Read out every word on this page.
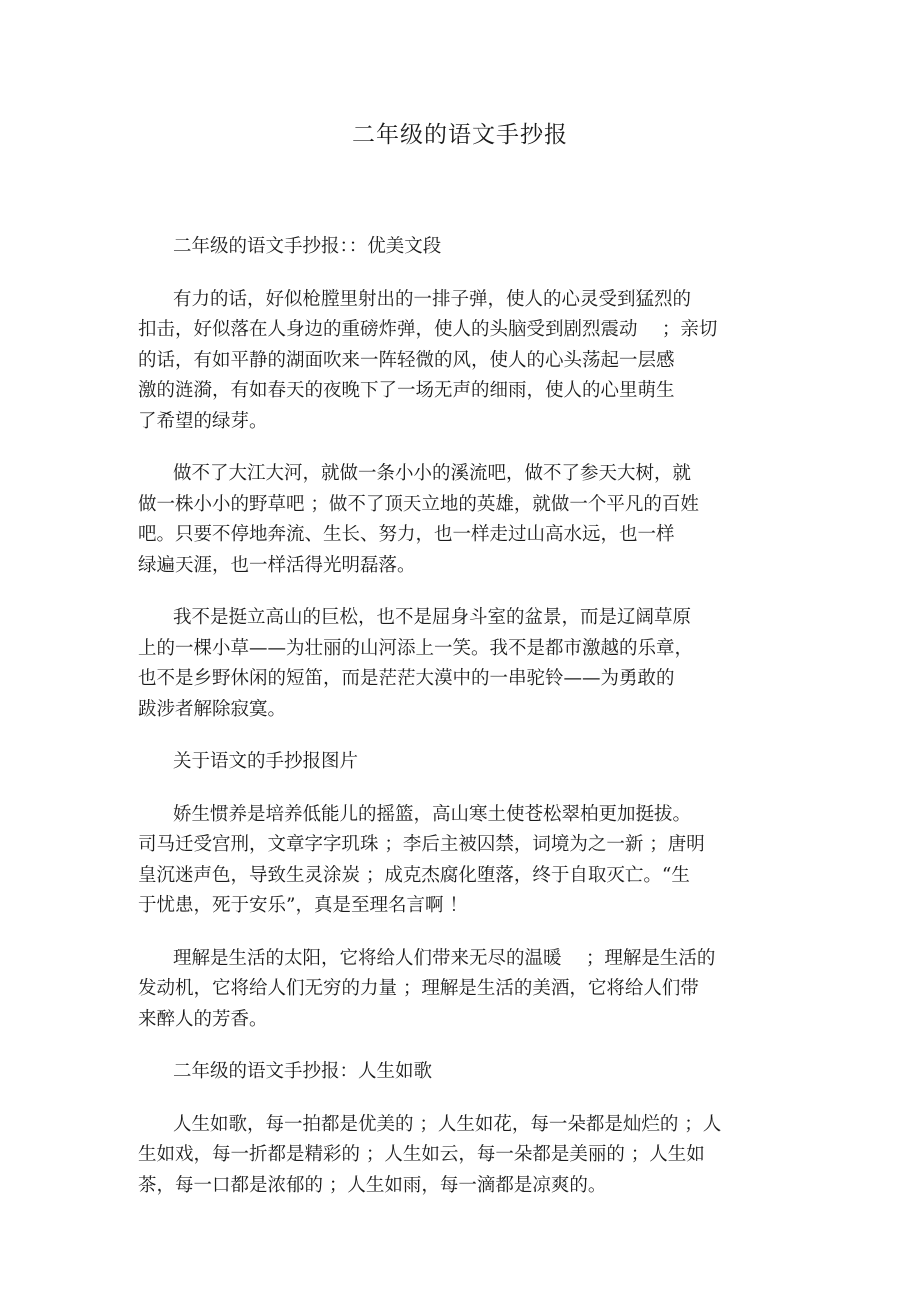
二年级的语文手抄报
二年级的语文手抄报：：优美文段
有力的话，好似枪膛里射出的一排子弹，使人的心灵受到猛烈的
扣击，好似落在人身边的重磅炸弹，使人的头脑受到剧烈震动　 ；亲切
的话，有如平静的湖面吹来一阵轻微的风，使人的心头荡起一层感
激的涟漪，有如春天的夜晚下了一场无声的细雨，使人的心里萌生
了希望的绿芽。
做不了大江大河，就做一条小小的溪流吧，做不了参天大树，就
做一株小小的野草吧 ；做不了顶天立地的英雄，就做一个平凡的百姓
吧。只要不停地奔流、生长、努力，也一样走过山高水远，也一样
绿遍天涯，也一样活得光明磊落。
我不是挺立高山的巨松，也不是屈身斗室的盆景，而是辽阔草原
上的一棵小草——为壮丽的山河添上一笑。我不是都市激越的乐章，
也不是乡野休闲的短笛，而是茫茫大漠中的一串驼铃——为勇敢的
跋涉者解除寂寞。
关于语文的手抄报图片
娇生惯养是培养低能儿的摇篮，高山寒土使苍松翠柏更加挺拔。
司马迁受宫刑，文章字字玑珠 ；李后主被囚禁，词境为之一新 ；唐明
皇沉迷声色，导致生灵涂炭 ；成克杰腐化堕落，终于自取灭亡。“生
于忧患，死于安乐”，真是至理名言啊 ！
理解是生活的太阳，它将给人们带来无尽的温暖　 ；理解是生活的
发动机，它将给人们无穷的力量 ；理解是生活的美酒，它将给人们带
来醉人的芳香。
二年级的语文手抄报：人生如歌
人生如歌，每一拍都是优美的 ；人生如花，每一朵都是灿烂的 ；人
生如戏，每一折都是精彩的 ；人生如云，每一朵都是美丽的 ；人生如
茶，每一口都是浓郁的 ；人生如雨，每一滴都是凉爽的。
